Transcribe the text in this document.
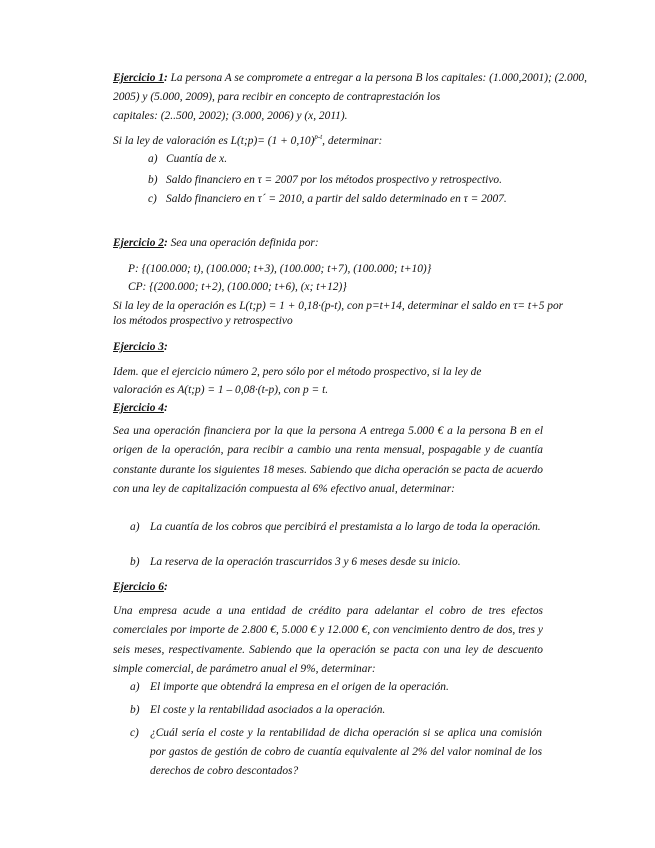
Ejercicio 1: La persona A se compromete a entregar a la persona B los capitales: (1.000,2001); (2.000,
2005) y (5.000, 2009), para recibir en concepto de contraprestación los
capitales: (2..500, 2002); (3.000, 2006) y (x, 2011).
Si la ley de valoración es L(t;p)= $(1 + 0,10)^{p-t}$, determinar:
a) Cuantía de x.
b) Saldo financiero en τ = 2007 por los métodos prospectivo y retrospectivo.
c) Saldo financiero en τ´ = 2010, a partir del saldo determinado en τ = 2007.
Ejercicio 2: Sea una operación definida por:
P: {(100.000; t), (100.000; t+3), (100.000; t+7), (100.000; t+10)}
CP: {(200.000; t+2), (100.000; t+6), (x; t+12)}
Si la ley de la operación es L(t;p) = 1 + 0,18·(p-t), con p=t+14, determinar el saldo en τ= t+5 por
los métodos prospectivo y retrospectivo
Ejercicio 3:
Idem. que el ejercicio número 2, pero sólo por el método prospectivo, si la ley de
valoración es A(t;p) = 1 – 0,08·(t-p), con p = t.
Ejercicio 4:

Sea una operación financiera por la que la persona A entrega 5.000 € a la persona B en el origen de la operación, para recibir a cambio una renta mensual, pospagable y de cuantía constante durante los siguientes 18 meses. Sabiendo que dicha operación se pacta de acuerdo con una ley de capitalización compuesta al 6% efectivo anual, determinar:

a) La cuantía de los cobros que percibirá el prestamista a lo largo de toda la operación.
b) La reserva de la operación trascurridos 3 y 6 meses desde su inicio.
Ejercicio 6:

Una empresa acude a una entidad de crédito para adelantar el cobro de tres efectos comerciales por importe de 2.800 €, 5.000 € y 12.000 €, con vencimiento dentro de dos, tres y seis meses, respectivamente. Sabiendo que la operación se pacta con una ley de descuento simple comercial, de parámetro anual el 9%, determinar:

a) El importe que obtendrá la empresa en el origen de la operación.
b) El coste y la rentabilidad asociados a la operación.
c) ¿Cuál sería el coste y la rentabilidad de dicha operación si se aplica una comisión por gastos de gestión de cobro de cuantía equivalente al 2% del valor nominal de los derechos de cobro descontados?
